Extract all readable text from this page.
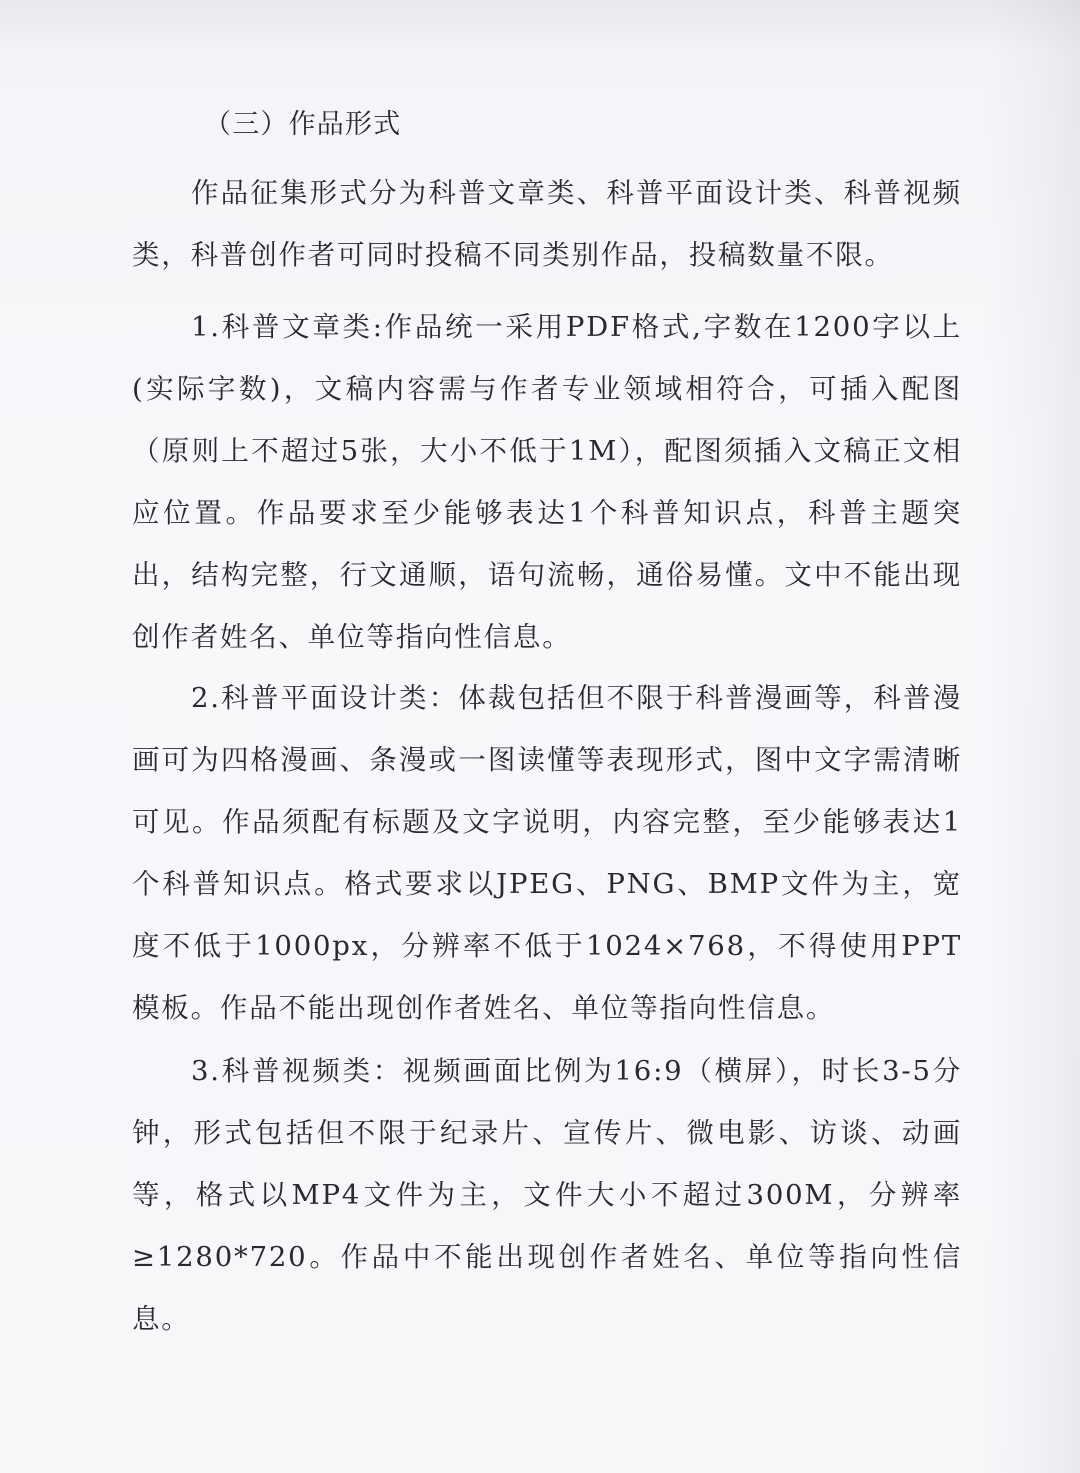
（三）作品形式

作品征集形式分为科普文章类、科普平面设计类、科普视频类，科普创作者可同时投稿不同类别作品，投稿数量不限。

1.科普文章类:作品统一采用PDF格式,字数在1200字以上(实际字数)，文稿内容需与作者专业领域相符合，可插入配图（原则上不超过5张，大小不低于1M），配图须插入文稿正文相应位置。作品要求至少能够表达1个科普知识点，科普主题突出，结构完整，行文通顺，语句流畅，通俗易懂。文中不能出现创作者姓名、单位等指向性信息。

2.科普平面设计类：体裁包括但不限于科普漫画等，科普漫画可为四格漫画、条漫或一图读懂等表现形式，图中文字需清晰可见。作品须配有标题及文字说明，内容完整，至少能够表达1个科普知识点。格式要求以JPEG、PNG、BMP文件为主，宽度不低于1000px，分辨率不低于1024×768，不得使用PPT模板。作品不能出现创作者姓名、单位等指向性信息。

3.科普视频类：视频画面比例为16:9（横屏），时长3-5分钟，形式包括但不限于纪录片、宣传片、微电影、访谈、动画等，格式以MP4文件为主，文件大小不超过300M，分辨率≥1280*720。作品中不能出现创作者姓名、单位等指向性信息。
